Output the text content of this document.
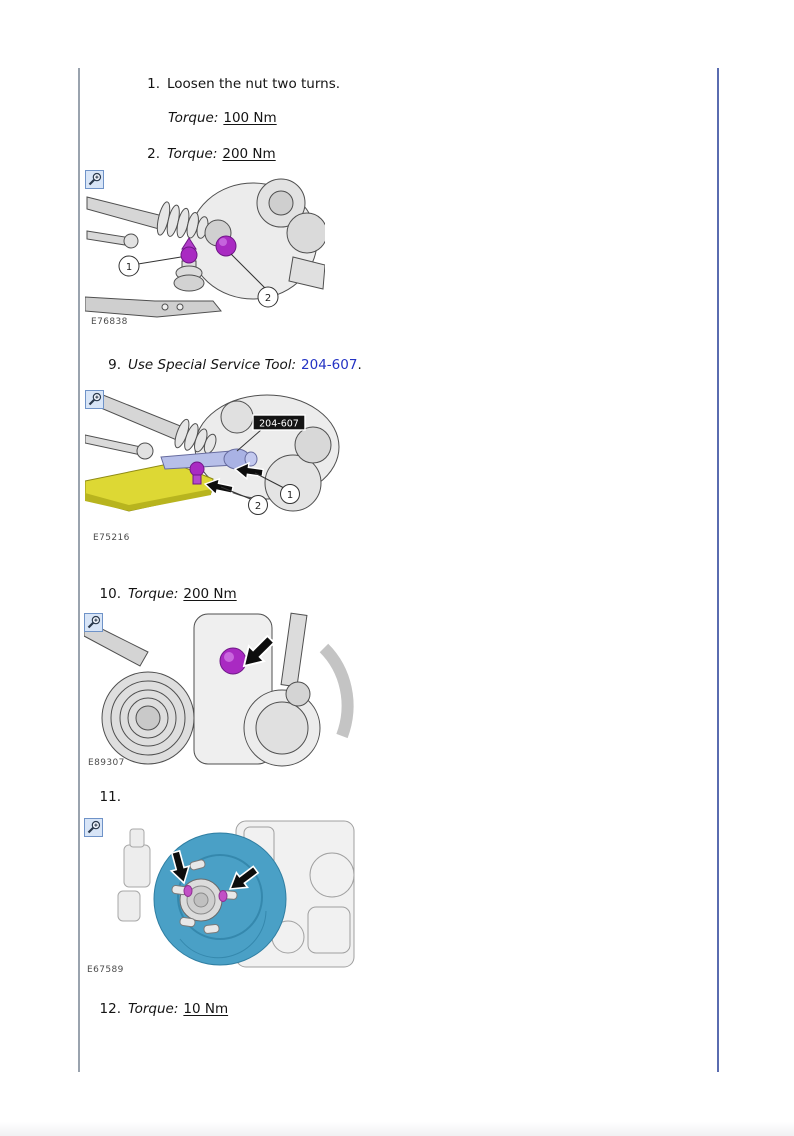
1. Loosen the nut two turns.
Torque: 100 Nm
2. Torque: 200 Nm
1
2
E76838
9. Use Special Service Tool: 204-607 .
204-607
1
2
E75216
10. Torque: 200 Nm
E89307
11.
E67589
12. Torque: 10 Nm
